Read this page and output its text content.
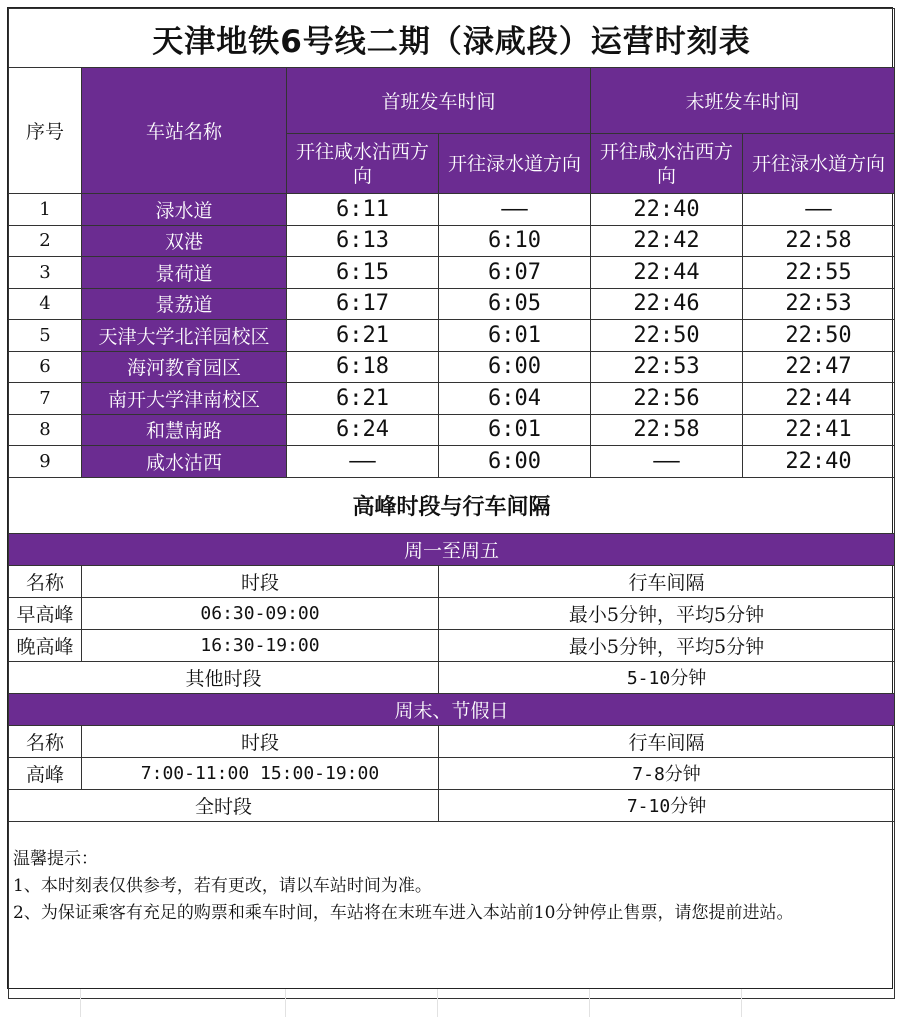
天津地铁6号线二期（渌咸段）运营时刻表					
序号	车站名称	首班发车时间		末班发车时间	
		开往咸水沽西方向	开往渌水道方向	开往咸水沽西方向	开往渌水道方向
1	渌水道	6:11	——	22:40	——
2	双港	6:13	6:10	22:42	22:58
3	景荷道	6:15	6:07	22:44	22:55
4	景荔道	6:17	6:05	22:46	22:53
5	天津大学北洋园校区	6:21	6:01	22:50	22:50
6	海河教育园区	6:18	6:00	22:53	22:47
7	南开大学津南校区	6:21	6:04	22:56	22:44
8	和慧南路	6:24	6:01	22:58	22:41
9	咸水沽西	——	6:00	——	22:40
高峰时段与行车间隔					
周一至周五					
名称	时段		行车间隔		
早高峰	06:30-09:00		最小5分钟，平均5分钟		
晚高峰	16:30-19:00		最小5分钟，平均5分钟		
其他时段			5-10分钟		
周末、节假日					
名称	时段		行车间隔		
高峰	7:00-11:00 15:00-19:00		7-8分钟		
全时段			7-10分钟		

温馨提示：
1、本时刻表仅供参考，若有更改，请以车站时间为准。
2、为保证乘客有充足的购票和乘车时间，车站将在末班车进入本站前10分钟停止售票，请您提前进站。					
